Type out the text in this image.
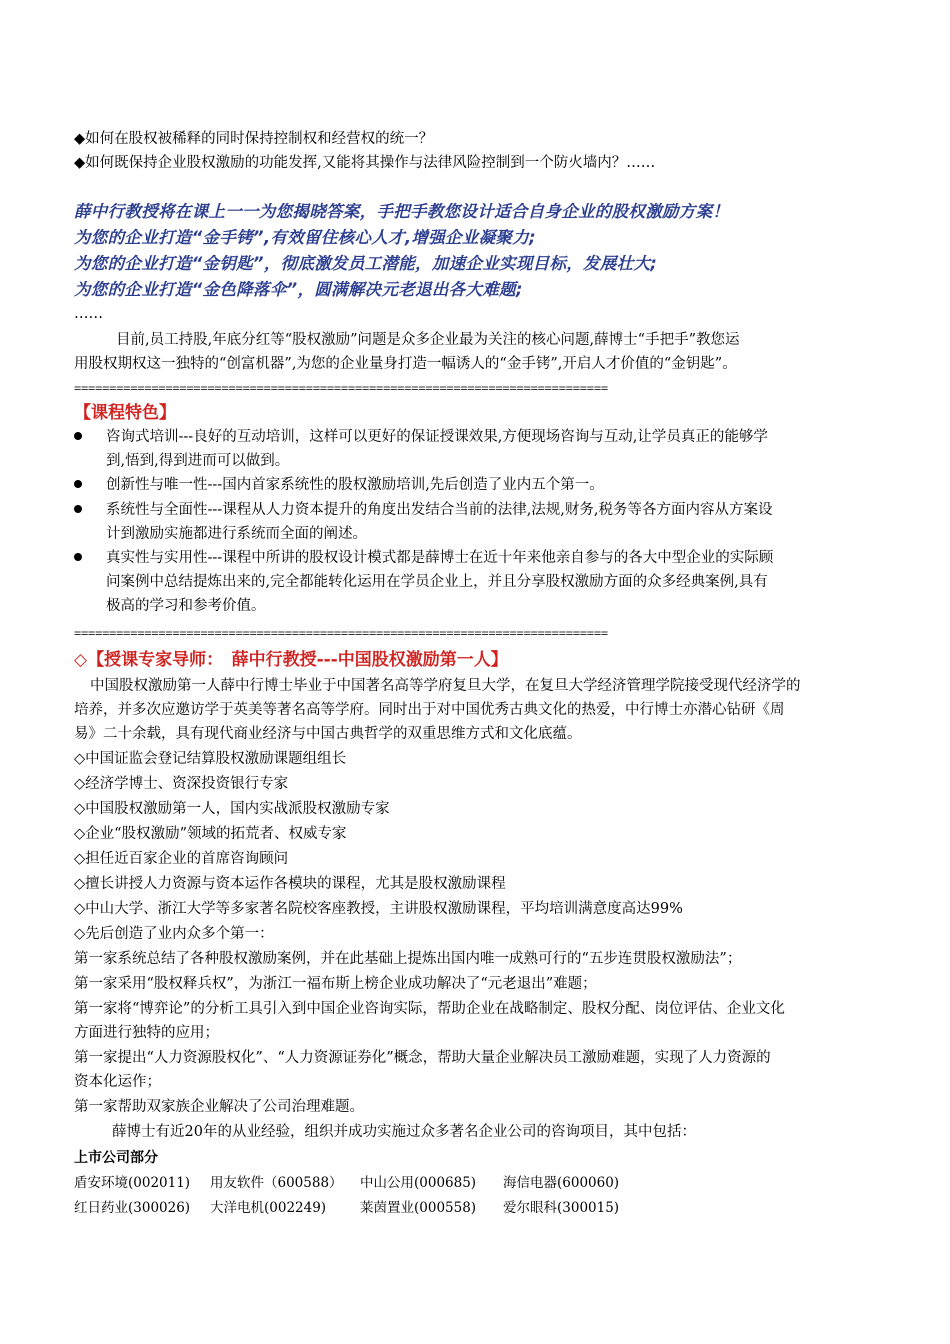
◆如何在股权被稀释的同时保持控制权和经营权的统一？
◆如何既保持企业股权激励的功能发挥,又能将其操作与法律风险控制到一个防火墙内？……
薛中行教授将在课上一一为您揭晓答案，手把手教您设计适合自身企业的股权激励方案！
为您的企业打造“金手铐”,有效留住核心人才,增强企业凝聚力;
为您的企业打造“金钥匙”，彻底激发员工潜能，加速企业实现目标，发展壮大;
为您的企业打造“金色降落伞”，圆满解决元老退出各大难题;
……
目前,员工持股,年底分红等“股权激励”问题是众多企业最为关注的核心问题,薛博士“手把手”教您运
用股权期权这一独特的“创富机器”,为您的企业量身打造一幅诱人的“金手铐”,开启人才价值的“金钥匙”。
============================================================================
【课程特色】
咨询式培训---良好的互动培训，这样可以更好的保证授课效果,方便现场咨询与互动,让学员真正的能够学
到,悟到,得到进而可以做到。
创新性与唯一性---国内首家系统性的股权激励培训,先后创造了业内五个第一。
系统性与全面性---课程从人力资本提升的角度出发结合当前的法律,法规,财务,税务等各方面内容从方案设
计到激励实施都进行系统而全面的阐述。
真实性与实用性---课程中所讲的股权设计模式都是薛博士在近十年来他亲自参与的各大中型企业的实际顾
问案例中总结提炼出来的,完全都能转化运用在学员企业上，并且分享股权激励方面的众多经典案例,具有
极高的学习和参考价值。
============================================================================
◇【授课专家导师：　薛中行教授---中国股权激励第一人】
中国股权激励第一人薛中行博士毕业于中国著名高等学府复旦大学，在复旦大学经济管理学院接受现代经济学的
培养，并多次应邀访学于英美等著名高等学府。同时出于对中国优秀古典文化的热爱，中行博士亦潜心钻研《周
易》二十余载，具有现代商业经济与中国古典哲学的双重思维方式和文化底蕴。
◇中国证监会登记结算股权激励课题组组长
◇经济学博士、资深投资银行专家
◇中国股权激励第一人，国内实战派股权激励专家
◇企业“股权激励”领域的拓荒者、权威专家
◇担任近百家企业的首席咨询顾问
◇擅长讲授人力资源与资本运作各模块的课程，尤其是股权激励课程
◇中山大学、浙江大学等多家著名院校客座教授，主讲股权激励课程，平均培训满意度高达99%
◇先后创造了业内众多个第一：
第一家系统总结了各种股权激励案例，并在此基础上提炼出国内唯一成熟可行的“五步连贯股权激励法”；
第一家采用“股权释兵权”，为浙江一福布斯上榜企业成功解决了“元老退出”难题；
第一家将“博弈论”的分析工具引入到中国企业咨询实际，帮助企业在战略制定、股权分配、岗位评估、企业文化
方面进行独特的应用；
第一家提出“人力资源股权化”、“人力资源证券化”概念，帮助大量企业解决员工激励难题，实现了人力资源的
资本化运作；
第一家帮助双家族企业解决了公司治理难题。
薛博士有近20年的从业经验，组织并成功实施过众多著名企业公司的咨询项目，其中包括：
上市公司部分
盾安环境(002011) 用友软件（600588） 中山公用(000685) 海信电器(600060)
红日药业(300026) 大洋电机(002249)	莱茵置业(000558) 爱尔眼科(300015)
